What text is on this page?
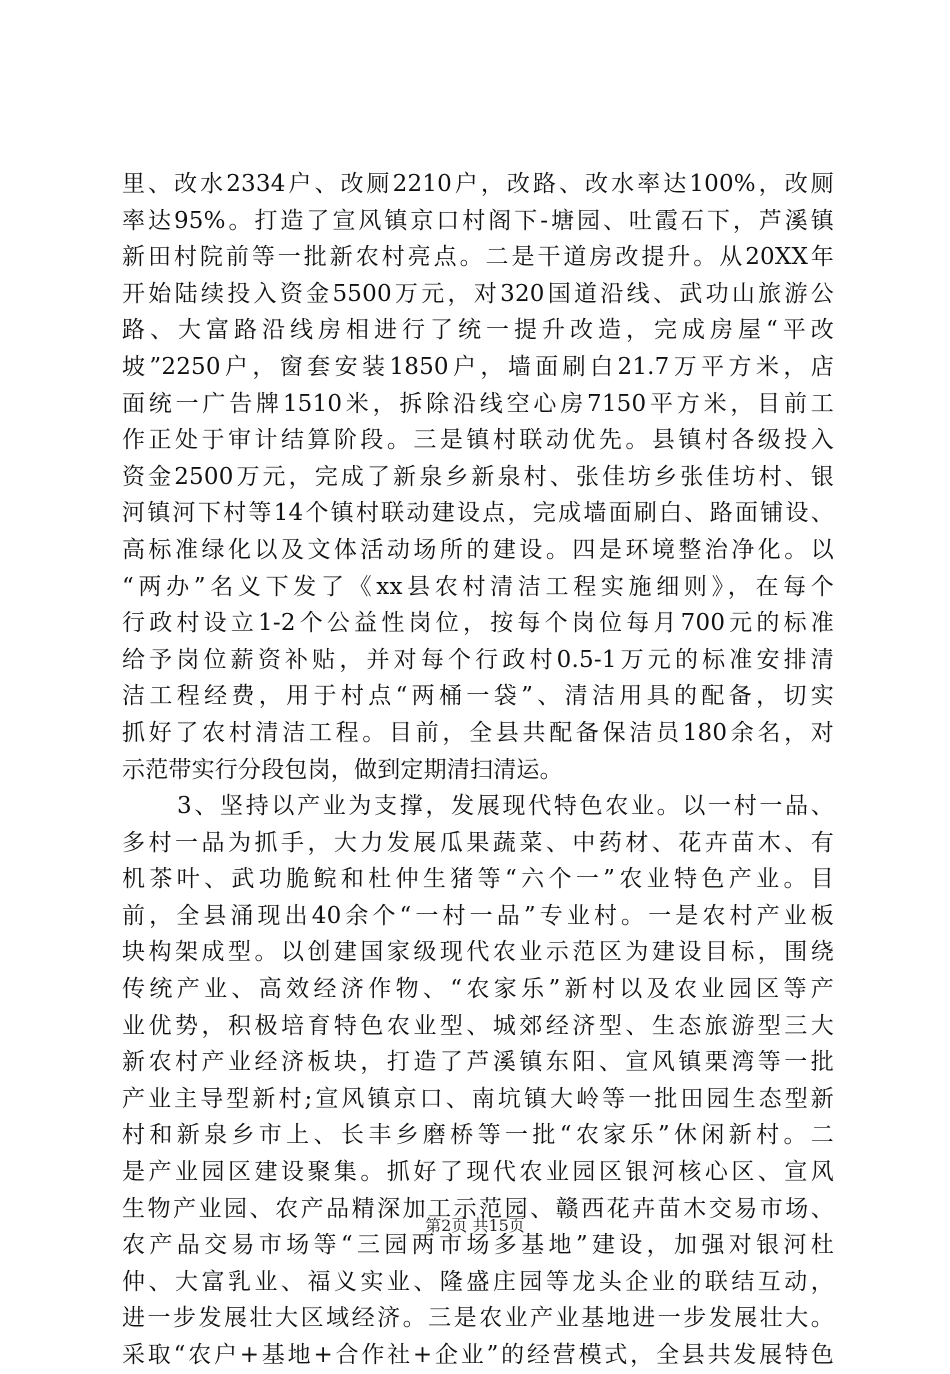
里、改水2334户、改厕2210户，改路、改水率达100%，改厕
率达95%。打造了宣风镇京口村阁下-塘园、吐霞石下，芦溪镇
新田村院前等一批新农村亮点。二是干道房改提升。从20XX年
开始陆续投入资金5500万元，对320国道沿线、武功山旅游公
路、大富路沿线房相进行了统一提升改造，完成房屋“平改
坡”2250户，窗套安装1850户，墙面刷白21.7万平方米，店
面统一广告牌1510米，拆除沿线空心房7150平方米，目前工
作正处于审计结算阶段。三是镇村联动优先。县镇村各级投入
资金2500万元，完成了新泉乡新泉村、张佳坊乡张佳坊村、银
河镇河下村等14个镇村联动建设点，完成墙面刷白、路面铺设、
高标准绿化以及文体活动场所的建设。四是环境整治净化。以
“两办”名义下发了《xx县农村清洁工程实施细则》，在每个
行政村设立1-2个公益性岗位，按每个岗位每月700元的标准
给予岗位薪资补贴，并对每个行政村0.5-1万元的标准安排清
洁工程经费，用于村点“两桶一袋”、清洁用具的配备，切实
抓好了农村清洁工程。目前，全县共配备保洁员180余名，对
示范带实行分段包岗，做到定期清扫清运。
3、坚持以产业为支撑，发展现代特色农业。以一村一品、
多村一品为抓手，大力发展瓜果蔬菜、中药材、花卉苗木、有
机茶叶、武功脆鲩和杜仲生猪等“六个一”农业特色产业。目
前，全县涌现出40余个“一村一品”专业村。一是农村产业板
块构架成型。以创建国家级现代农业示范区为建设目标，围绕
传统产业、高效经济作物、“农家乐”新村以及农业园区等产
业优势，积极培育特色农业型、城郊经济型、生态旅游型三大
新农村产业经济板块，打造了芦溪镇东阳、宣风镇栗湾等一批
产业主导型新村;宣风镇京口、南坑镇大岭等一批田园生态型新
村和新泉乡市上、长丰乡磨桥等一批“农家乐”休闲新村。二
是产业园区建设聚集。抓好了现代农业园区银河核心区、宣风
生物产业园、农产品精深加工示范园、赣西花卉苗木交易市场、
农产品交易市场等“三园两市场多基地”建设，加强对银河杜
仲、大富乳业、福义实业、隆盛庄园等龙头企业的联结互动，
进一步发展壮大区域经济。三是农业产业基地进一步发展壮大。
采取“农户+基地+合作社+企业”的经营模式，全县共发展特色
第2页 共15页
